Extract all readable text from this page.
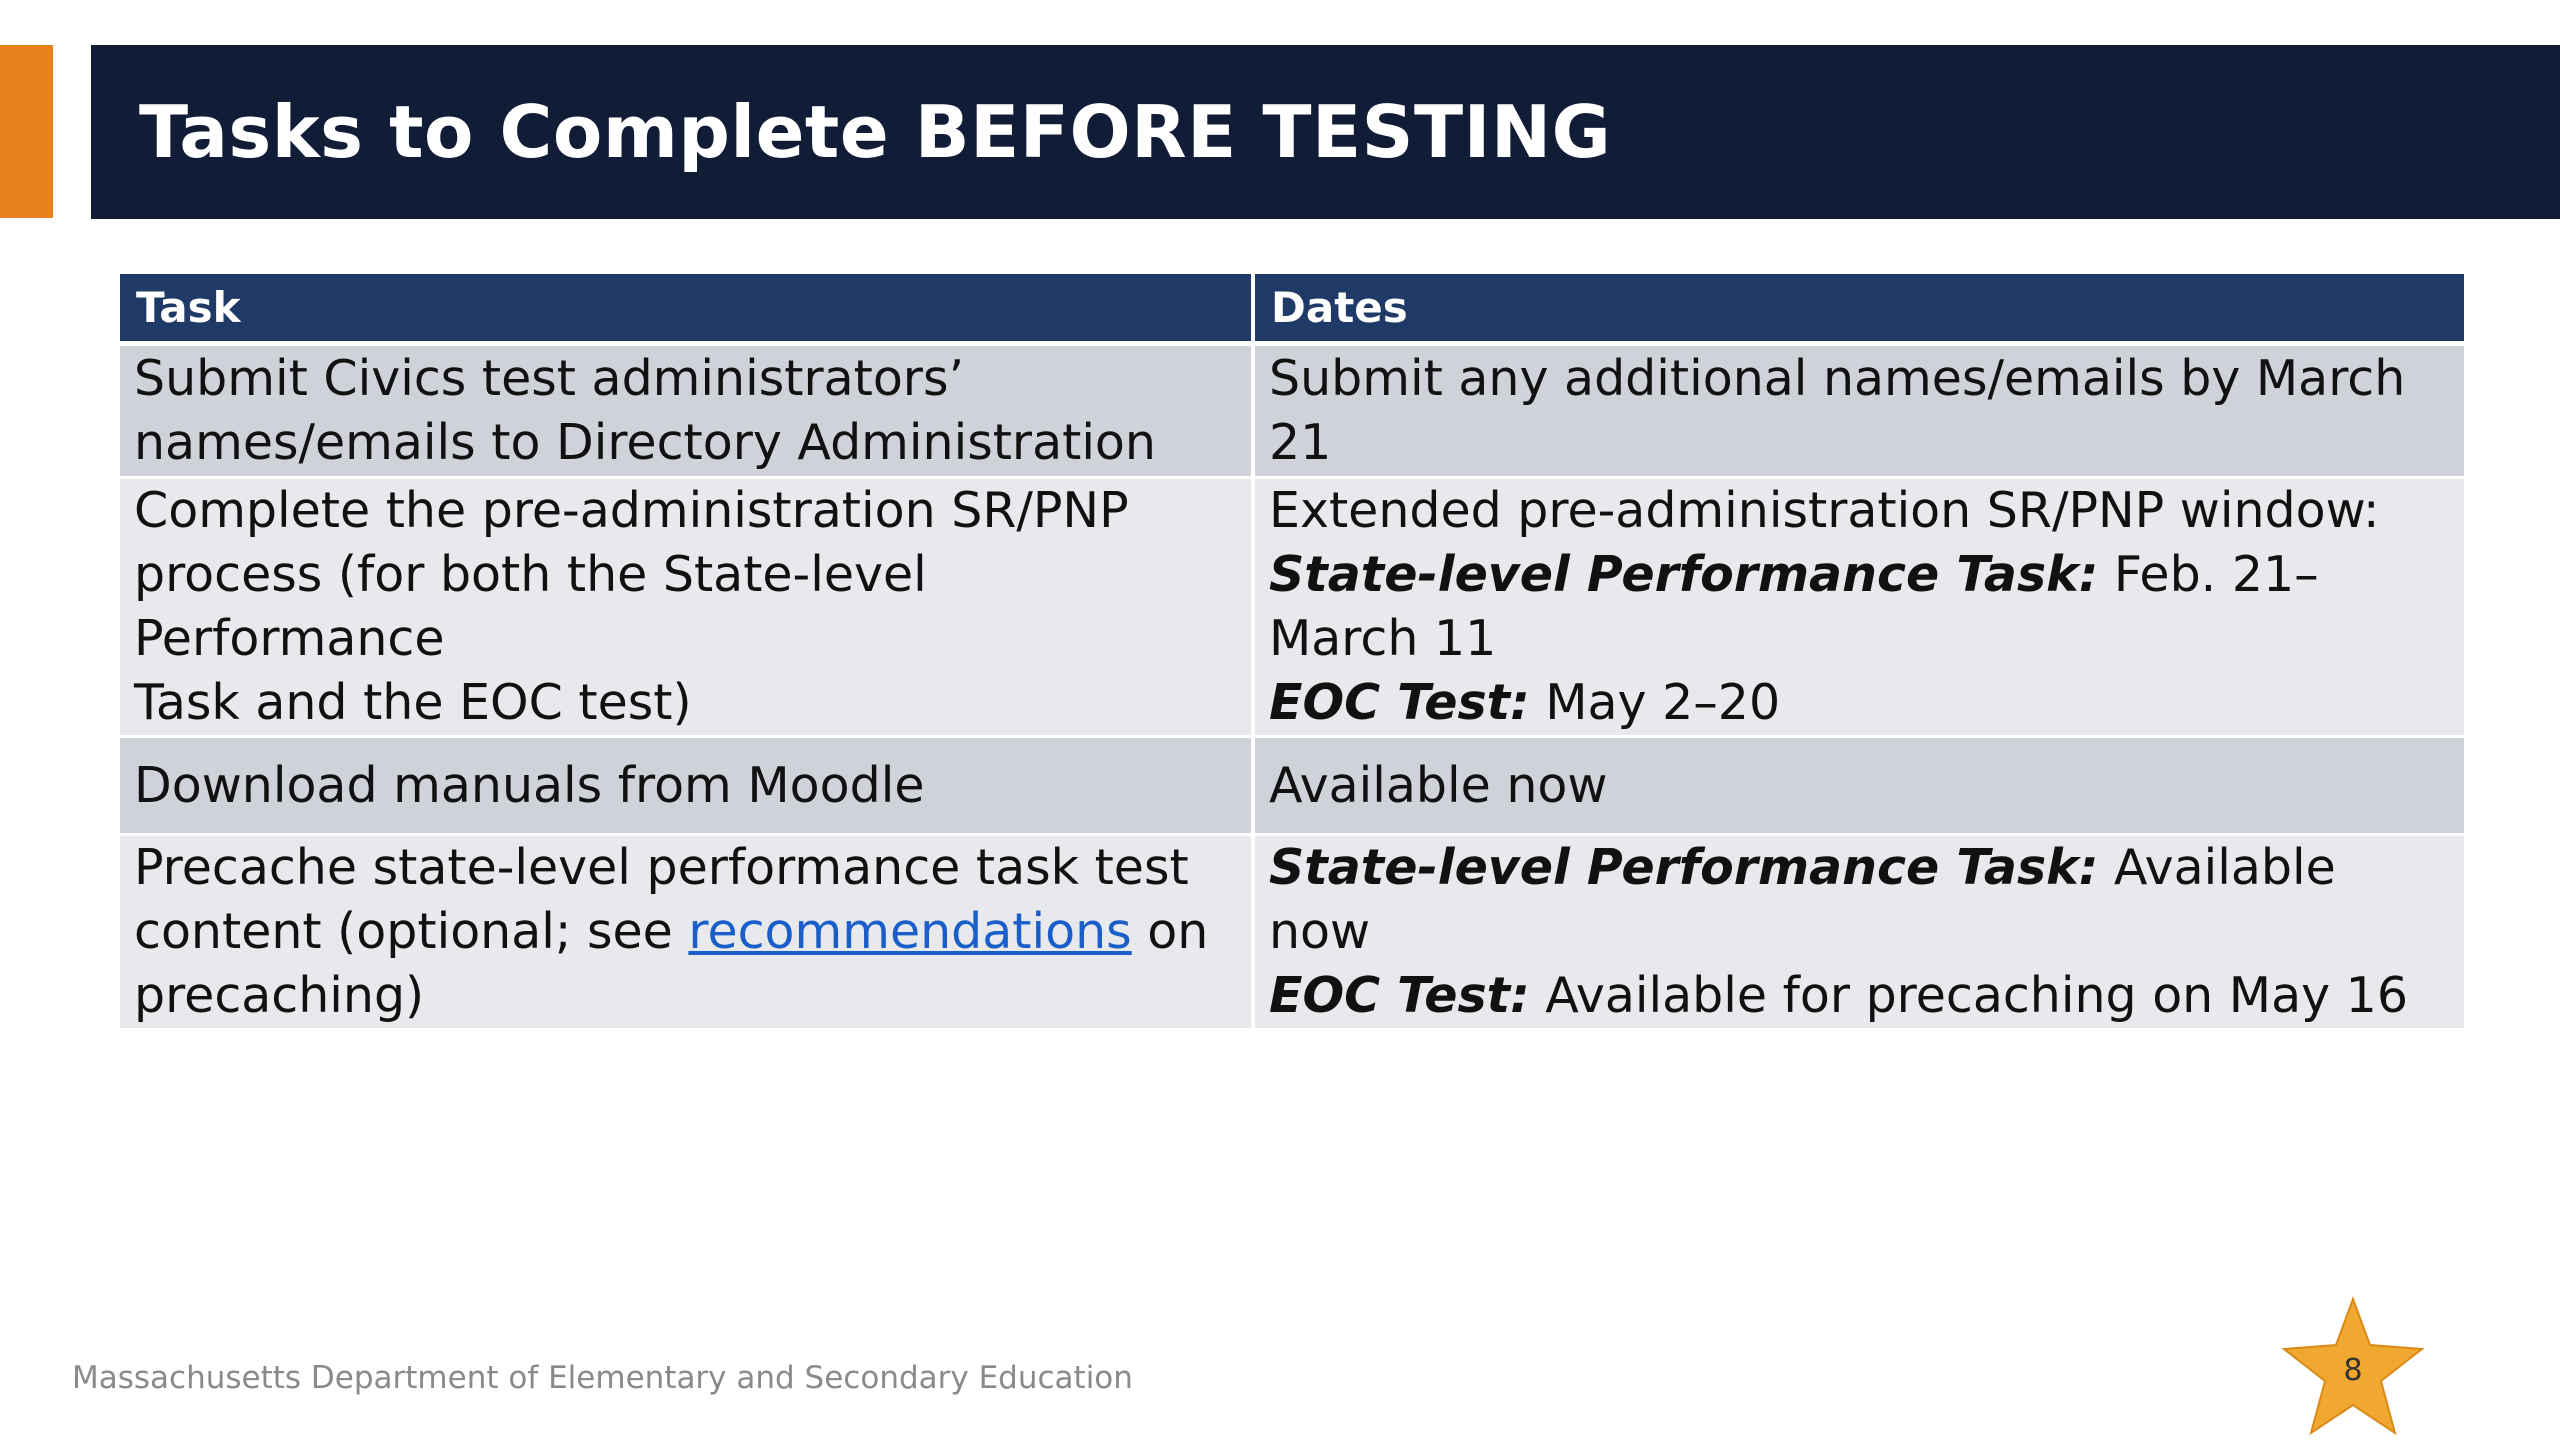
Tasks to Complete BEFORE TESTING
Task	Dates

Submit Civics test administrators’
names/emails to Directory Administration	Submit any additional names/emails by March 21

Complete the pre-administration SR/PNP
process (for both the State-level Performance
Task and the EOC test)	Extended pre-administration SR/PNP window:
State-level Performance Task: Feb. 21–March 11
EOC Test: May 2–20

Download manuals from Moodle	Available now

Precache state-level performance task test
content (optional; see recommendations on
precaching)	State-level Performance Task: Available now
EOC Test: Available for precaching on May 16
Massachusetts Department of Elementary and Secondary Education	8
